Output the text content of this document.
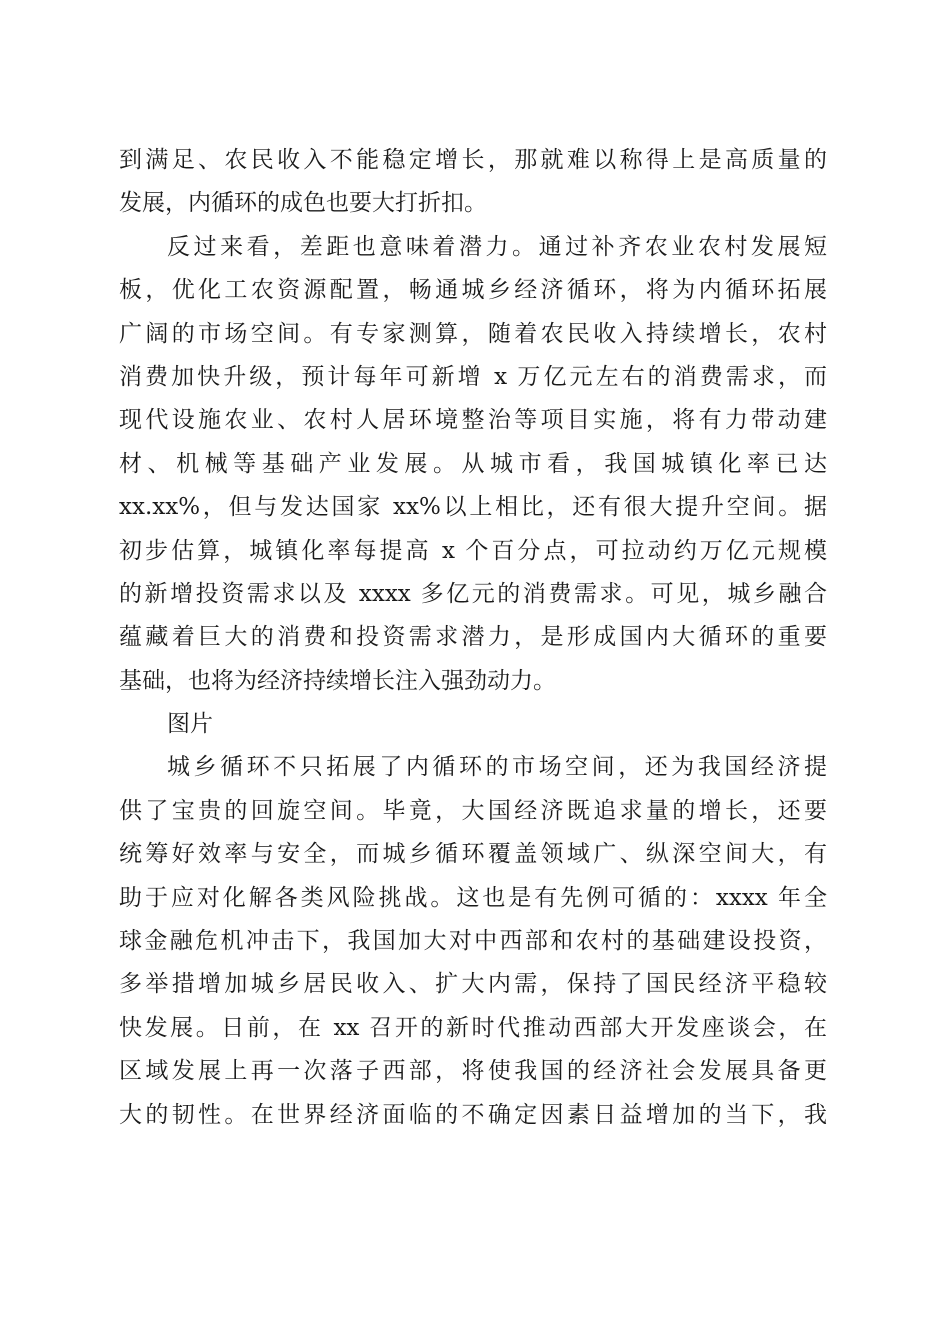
到满足、农民收入不能稳定增长，那就难以称得上是高质量的
发展，内循环的成色也要大打折扣。
反过来看，差距也意味着潜力。通过补齐农业农村发展短
板，优化工农资源配置，畅通城乡经济循环，将为内循环拓展
广阔的市场空间。有专家测算，随着农民收入持续增长，农村
消费加快升级，预计每年可新增 x 万亿元左右的消费需求，而
现代设施农业、农村人居环境整治等项目实施，将有力带动建
材、机械等基础产业发展。从城市看，我国城镇化率已达
xx.xx%，但与发达国家 xx%以上相比，还有很大提升空间。据
初步估算，城镇化率每提高 x 个百分点，可拉动约万亿元规模
的新增投资需求以及 xxxx 多亿元的消费需求。可见，城乡融合
蕴藏着巨大的消费和投资需求潜力，是形成国内大循环的重要
基础，也将为经济持续增长注入强劲动力。
图片
城乡循环不只拓展了内循环的市场空间，还为我国经济提
供了宝贵的回旋空间。毕竟，大国经济既追求量的增长，还要
统筹好效率与安全，而城乡循环覆盖领域广、纵深空间大，有
助于应对化解各类风险挑战。这也是有先例可循的：xxxx 年全
球金融危机冲击下，我国加大对中西部和农村的基础建设投资，
多举措增加城乡居民收入、扩大内需，保持了国民经济平稳较
快发展。日前，在 xx 召开的新时代推动西部大开发座谈会，在
区域发展上再一次落子西部，将使我国的经济社会发展具备更
大的韧性。在世界经济面临的不确定因素日益增加的当下，我
